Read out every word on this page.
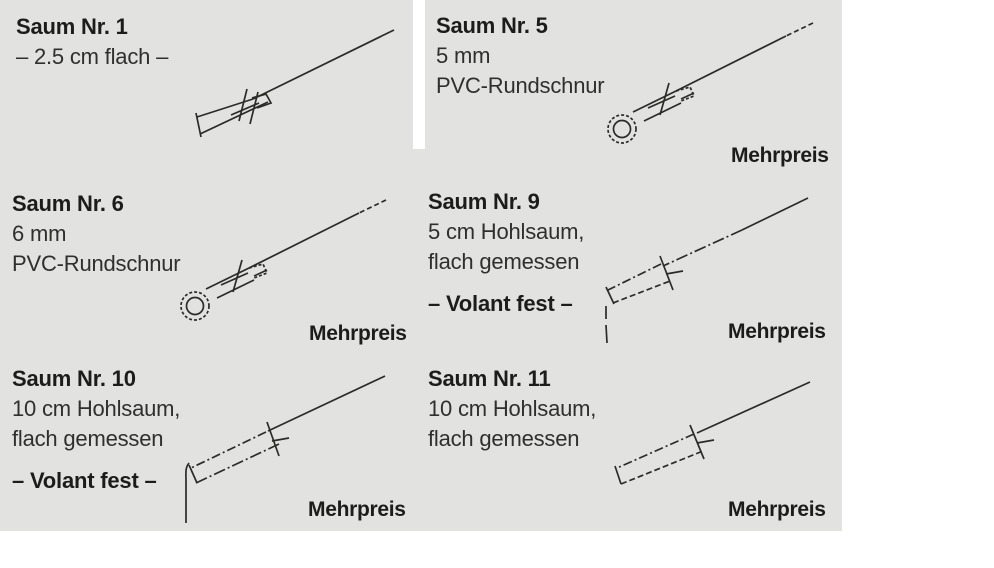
Saum Nr. 1
– 2.5 cm flach –
Saum Nr. 5
5 mm
PVC-Rundschnur
Saum Nr. 6
6 mm
PVC-Rundschnur
Saum Nr. 9
5 cm Hohlsaum,
flach gemessen
– Volant fest –
Saum Nr. 10
10 cm Hohlsaum,
flach gemessen
– Volant fest –
Saum Nr. 11
10 cm Hohlsaum,
flach gemessen
Mehrpreis
Mehrpreis	Mehrpreis
Mehrpreis	Mehrpreis
